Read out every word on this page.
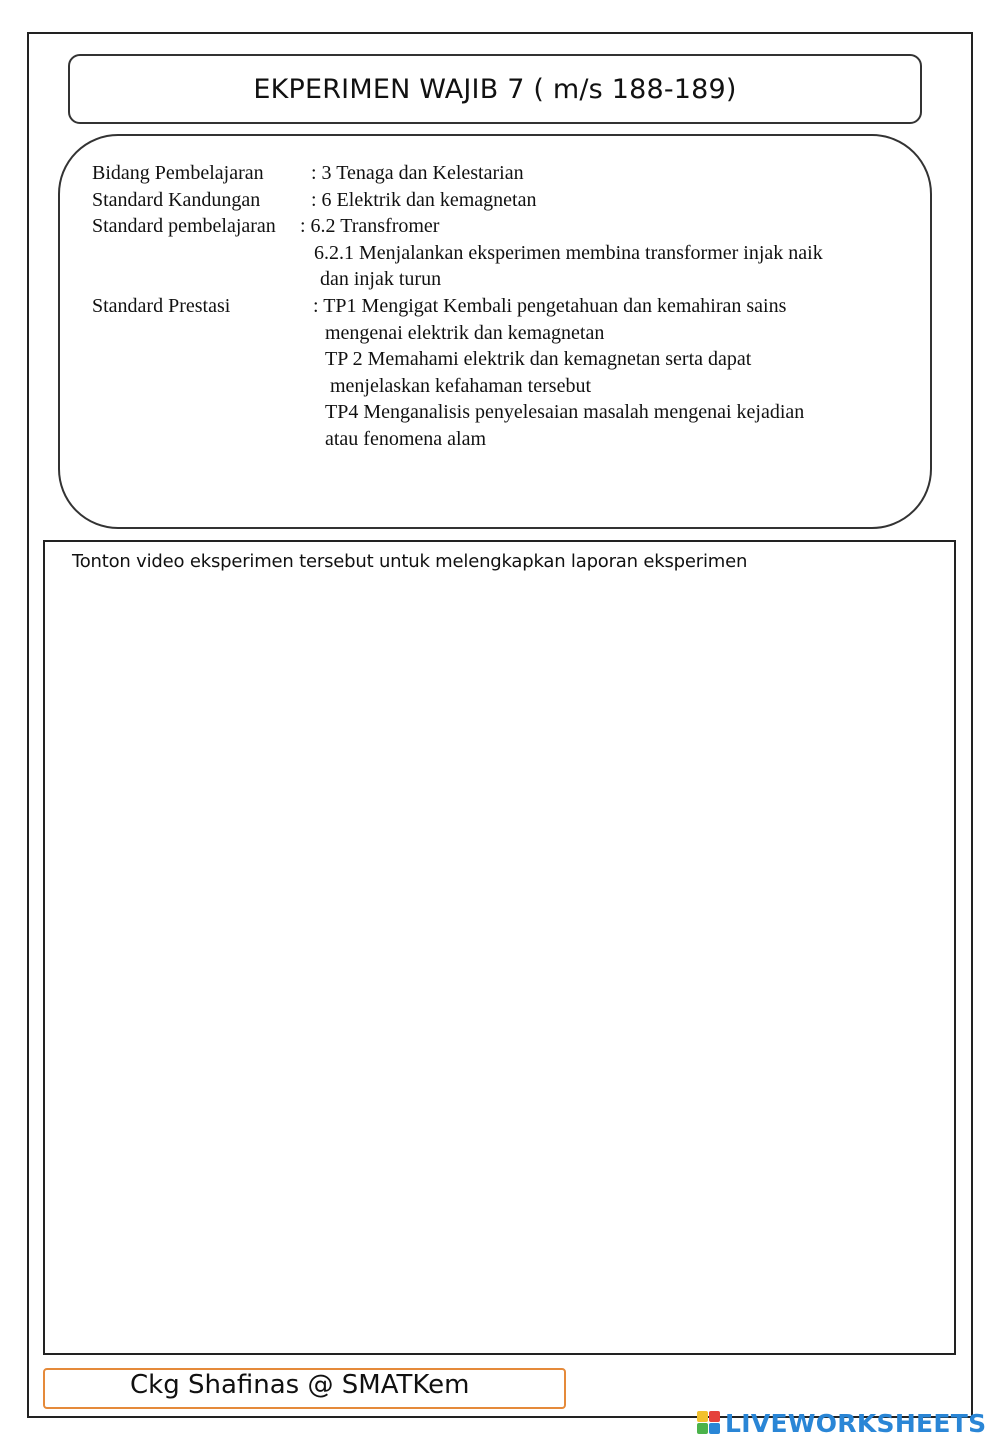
EKPERIMEN WAJIB 7 ( m/s 188-189)
Bidang Pembelajaran : 3 Tenaga dan Kelestarian
Standard Kandungan	: 6 Elektrik dan kemagnetan
Standard pembelajaran : 6.2 Transfromer
6.2.1 Menjalankan eksperimen membina transformer injak naik
dan injak turun
Standard Prestasi	: TP1 Mengigat Kembali pengetahuan dan kemahiran sains
mengenai elektrik dan kemagnetan
TP 2 Memahami elektrik dan kemagnetan serta dapat
menjelaskan kefahaman tersebut
TP4 Menganalisis penyelesaian masalah mengenai kejadian
atau fenomena alam
Tonton video eksperimen tersebut untuk melengkapkan laporan eksperimen
Ckg Shafinas @ SMATKem
LIVEWORKSHEETS
